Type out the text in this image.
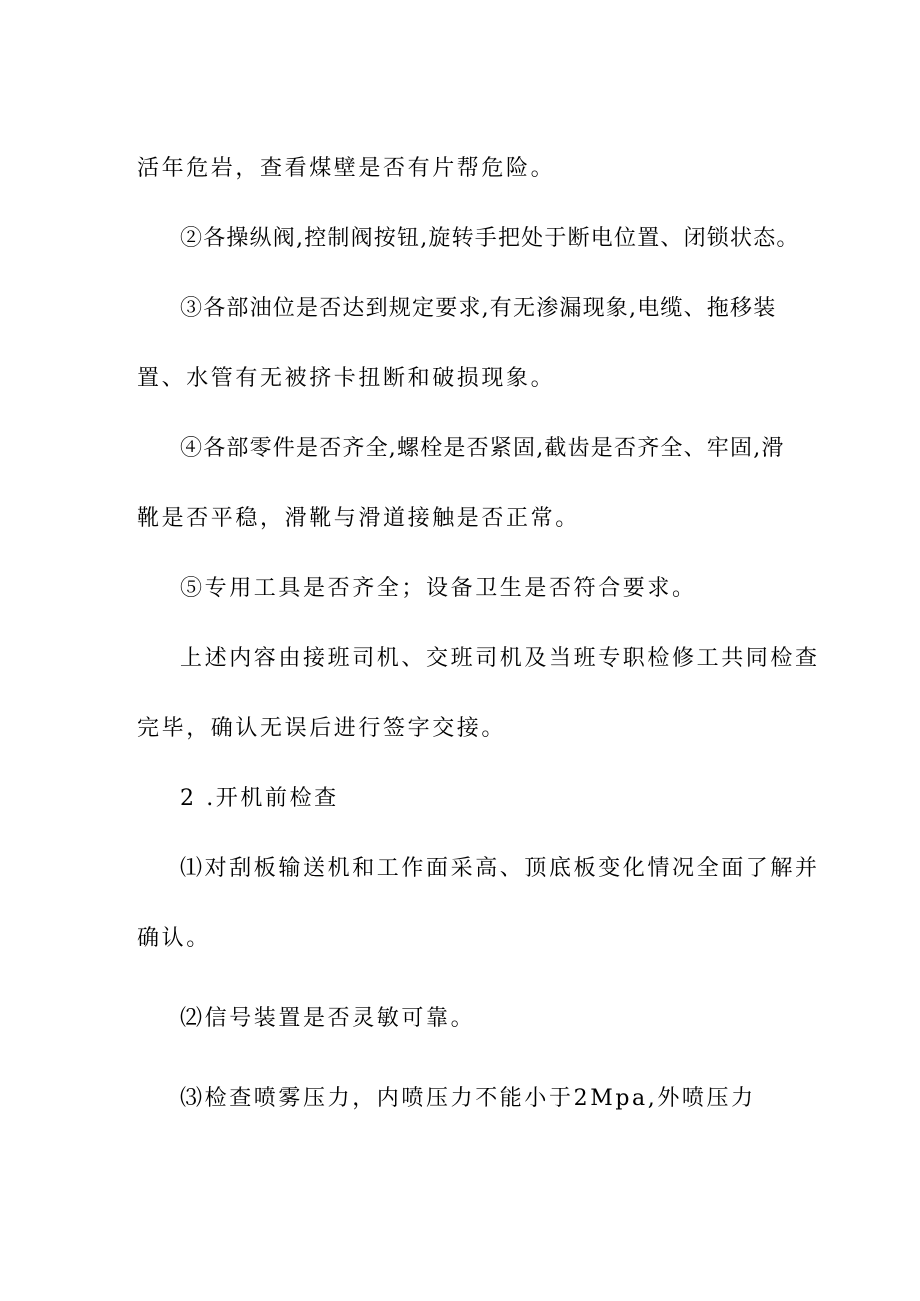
活年危岩，查看煤壁是否有片帮危险。
②各操纵阀,控制阀按钮,旋转手把处于断电位置、闭锁状态。
③各部油位是否达到规定要求,有无渗漏现象,电缆、拖移装
置、水管有无被挤卡扭断和破损现象。
④各部零件是否齐全,螺栓是否紧固,截齿是否齐全、牢固,滑
靴是否平稳，滑靴与滑道接触是否正常。
⑤专用工具是否齐全；设备卫生是否符合要求。
上述内容由接班司机、交班司机及当班专职检修工共同检查
完毕，确认无误后进行签字交接。
2 .开机前检查
⑴对刮板输送机和工作面采高、顶底板变化情况全面了解并
确认。
⑵信号装置是否灵敏可靠。
⑶检查喷雾压力，内喷压力不能小于2Mpa,外喷压力
